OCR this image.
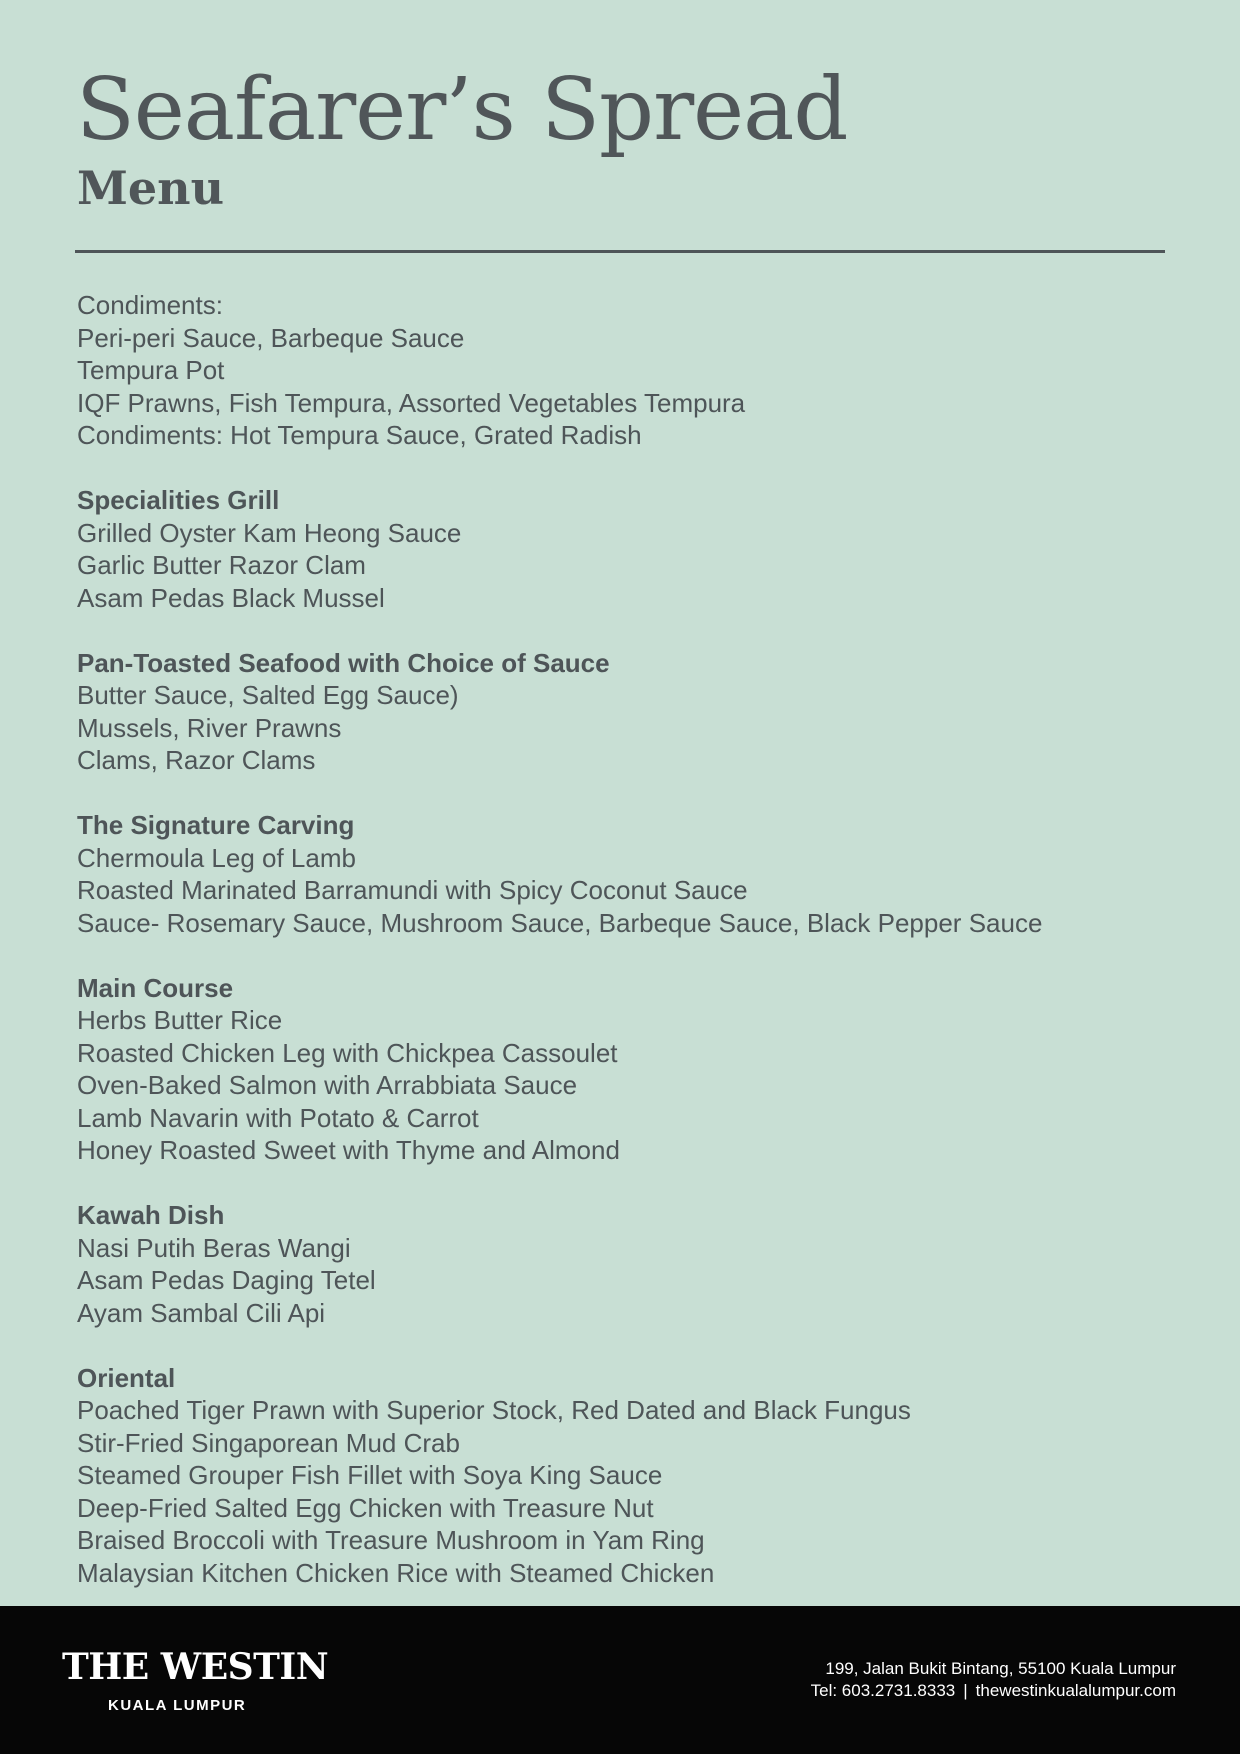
Seafarer’s Spread
Menu
Condiments:
Peri-peri Sauce, Barbeque Sauce
Tempura Pot
IQF Prawns, Fish Tempura, Assorted Vegetables Tempura
Condiments: Hot Tempura Sauce, Grated Radish
Specialities Grill
Grilled Oyster Kam Heong Sauce
Garlic Butter Razor Clam
Asam Pedas Black Mussel
Pan-Toasted Seafood with Choice of Sauce
Butter Sauce, Salted Egg Sauce)
Mussels, River Prawns
Clams, Razor Clams
The Signature Carving
Chermoula Leg of Lamb
Roasted Marinated Barramundi with Spicy Coconut Sauce
Sauce- Rosemary Sauce, Mushroom Sauce, Barbeque Sauce, Black Pepper Sauce
Main Course
Herbs Butter Rice
Roasted Chicken Leg with Chickpea Cassoulet
Oven-Baked Salmon with Arrabbiata Sauce
Lamb Navarin with Potato & Carrot
Honey Roasted Sweet with Thyme and Almond
Kawah Dish
Nasi Putih Beras Wangi
Asam Pedas Daging Tetel
Ayam Sambal Cili Api
Oriental
Poached Tiger Prawn with Superior Stock, Red Dated and Black Fungus
Stir-Fried Singaporean Mud Crab
Steamed Grouper Fish Fillet with Soya King Sauce
Deep-Fried Salted Egg Chicken with Treasure Nut
Braised Broccoli with Treasure Mushroom in Yam Ring
Malaysian Kitchen Chicken Rice with Steamed Chicken
THE WESTIN
KUALA LUMPUR
199, Jalan Bukit Bintang, 55100 Kuala Lumpur
Tel: 603.2731.8333 | thewestinkualalumpur.com
